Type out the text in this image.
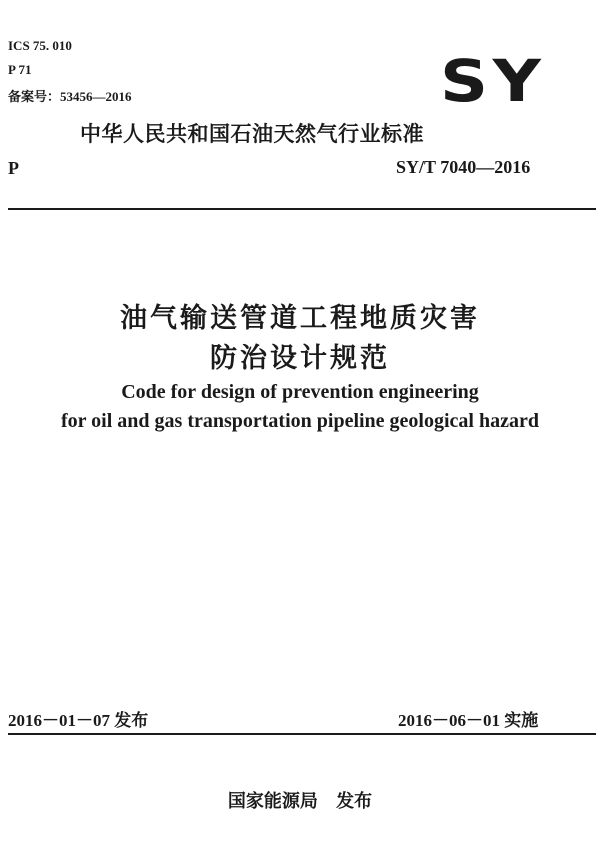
ICS 75. 010
P 71
备案号：53456—2016	SY
中华人民共和国石油天然气行业标准
P	SY/T 7040—2016
油气输送管道工程地质灾害
防治设计规范
Code for design of prevention engineering
for oil and gas transportation pipeline geological hazard
2016－01－07 发布	2016－06－01 实施
国家能源局 发布
